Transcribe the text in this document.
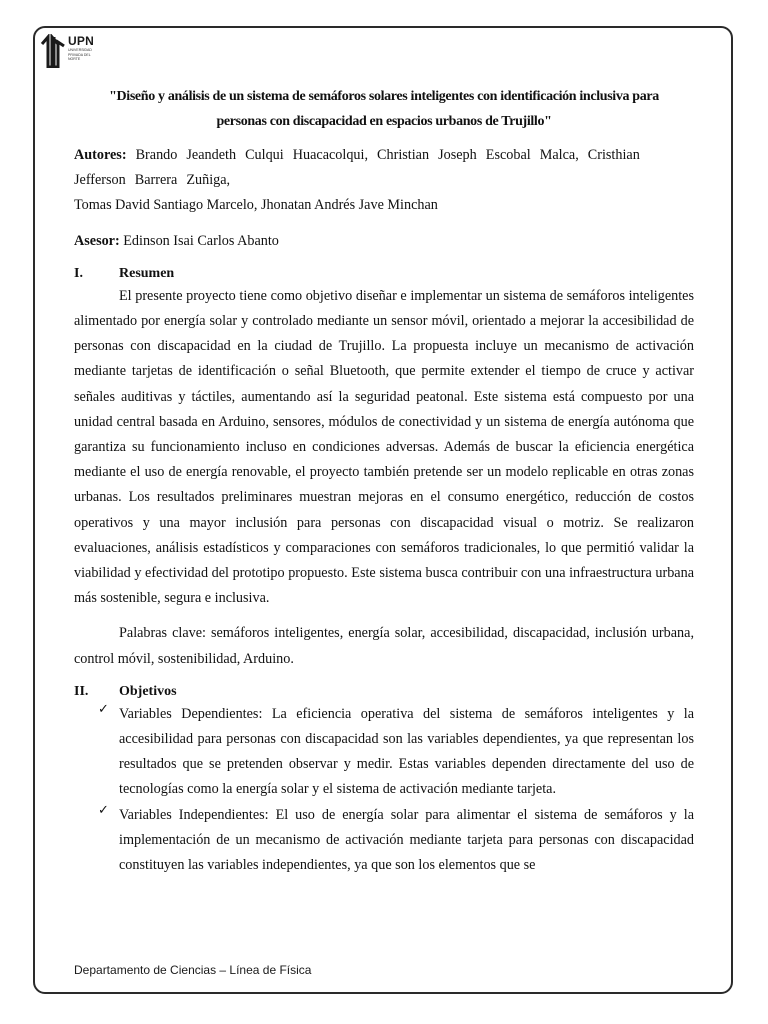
UPN
UNIVERSIDAD PRIVADA DEL NORTE

"Diseño y análisis de un sistema de semáforos solares inteligentes con identificación inclusiva para
personas con discapacidad en espacios urbanos de Trujillo"

Autores: Brando Jeandeth Culqui Huacacolqui, Christian Joseph Escobal Malca, Cristhian Jefferson Barrera Zuñiga,
Tomas David Santiago Marcelo, Jhonatan Andrés Jave Minchan

Asesor: Edinson Isai Carlos Abanto

I.	Resumen

El presente proyecto tiene como objetivo diseñar e implementar un sistema de semáforos inteligentes alimentado por energía solar y controlado mediante un sensor móvil, orientado a mejorar la accesibilidad de personas con discapacidad en la ciudad de Trujillo. La propuesta incluye un mecanismo de activación mediante tarjetas de identificación o señal Bluetooth, que permite extender el tiempo de cruce y activar señales auditivas y táctiles, aumentando así la seguridad peatonal. Este sistema está compuesto por una unidad central basada en Arduino, sensores, módulos de conectividad y un sistema de energía autónoma que garantiza su funcionamiento incluso en condiciones adversas. Además de buscar la eficiencia energética mediante el uso de energía renovable, el proyecto también pretende ser un modelo replicable en otras zonas urbanas. Los resultados preliminares muestran mejoras en el consumo energético, reducción de costos operativos y una mayor inclusión para personas con discapacidad visual o motriz. Se realizaron evaluaciones, análisis estadísticos y comparaciones con semáforos tradicionales, lo que permitió validar la viabilidad y efectividad del prototipo propuesto. Este sistema busca contribuir con una infraestructura urbana más sostenible, segura e inclusiva.

Palabras clave: semáforos inteligentes, energía solar, accesibilidad, discapacidad, inclusión urbana, control móvil, sostenibilidad, Arduino.

II.	Objetivos
✓ Variables Dependientes: La eficiencia operativa del sistema de semáforos inteligentes y la accesibilidad para personas con discapacidad son las variables dependientes, ya que representan los resultados que se pretenden observar y medir. Estas variables dependen directamente del uso de tecnologías como la energía solar y el sistema de activación mediante tarjeta.

✓ Variables Independientes: El uso de energía solar para alimentar el sistema de semáforos y la implementación de un mecanismo de activación mediante tarjeta para personas con discapacidad constituyen las variables independientes, ya que son los elementos que se

Departamento de Ciencias – Línea de Física
